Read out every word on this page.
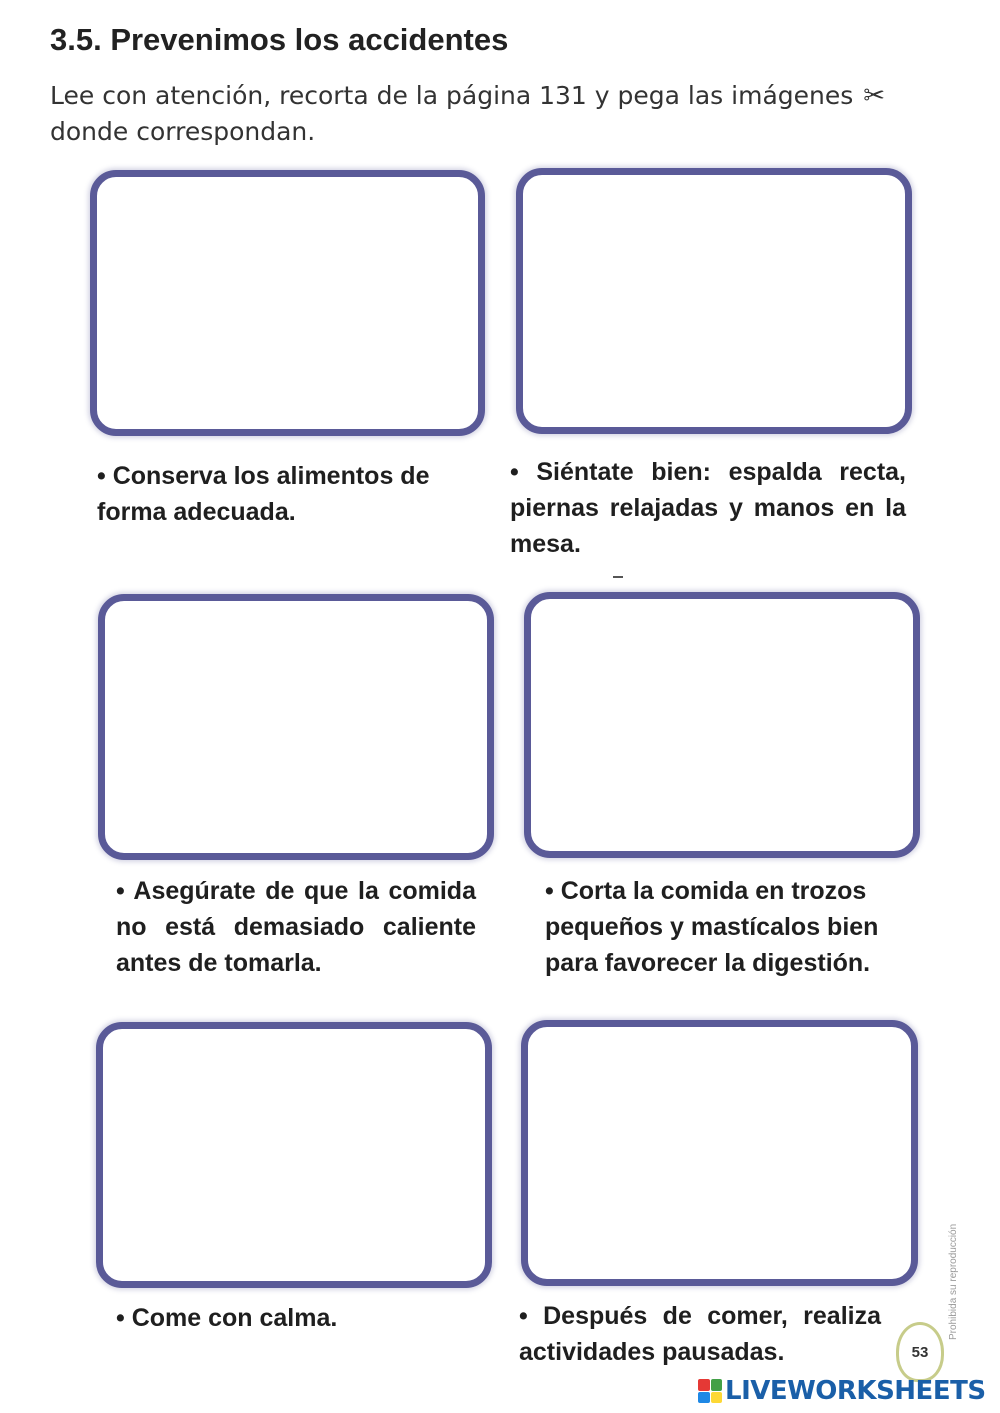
3.5. Prevenimos los accidentes
Lee con atención, recorta de la página 131 y pega las imágenes ✂
donde correspondan.

• Conserva los alimentos de forma adecuada.

• Siéntate bien: espalda recta, piernas relajadas y manos en la mesa.

• Asegúrate de que la comida no está demasiado caliente antes de tomarla.

• Corta la comida en trozos pequeños y mastícalos bien para favorecer la digestión.

• Come con calma.	• Después de comer, realiza actividades pausadas.

Prohibida su reproducción
53
LIVEWORKSHEETS
